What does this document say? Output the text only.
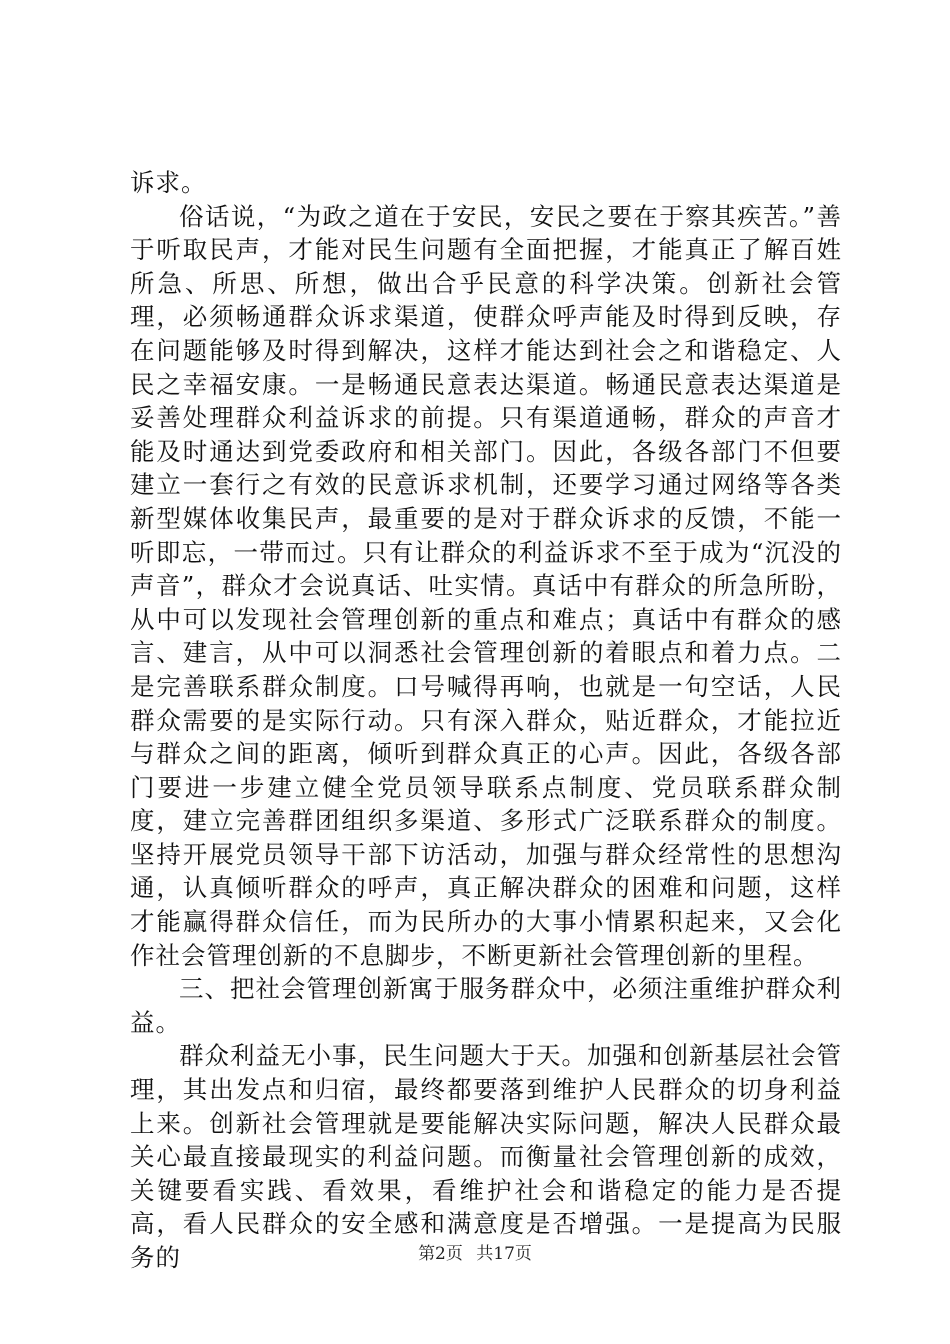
诉求。

俗话说，“为政之道在于安民，安民之要在于察其疾苦。”善于听取民声，才能对民生问题有全面把握，才能真正了解百姓所急、所思、所想，做出合乎民意的科学决策。创新社会管理，必须畅通群众诉求渠道，使群众呼声能及时得到反映，存在问题能够及时得到解决，这样才能达到社会之和谐稳定、人民之幸福安康。一是畅通民意表达渠道。畅通民意表达渠道是妥善处理群众利益诉求的前提。只有渠道通畅，群众的声音才能及时通达到党委政府和相关部门。因此，各级各部门不但要建立一套行之有效的民意诉求机制，还要学习通过网络等各类新型媒体收集民声，最重要的是对于群众诉求的反馈，不能一听即忘，一带而过。只有让群众的利益诉求不至于成为“沉没的声音”，群众才会说真话、吐实情。真话中有群众的所急所盼，从中可以发现社会管理创新的重点和难点；真话中有群众的感言、建言，从中可以洞悉社会管理创新的着眼点和着力点。二是完善联系群众制度。口号喊得再响，也就是一句空话，人民群众需要的是实际行动。只有深入群众，贴近群众，才能拉近与群众之间的距离，倾听到群众真正的心声。因此，各级各部门要进一步建立健全党员领导联系点制度、党员联系群众制度，建立完善群团组织多渠道、多形式广泛联系群众的制度。坚持开展党员领导干部下访活动，加强与群众经常性的思想沟通，认真倾听群众的呼声，真正解决群众的困难和问题，这样才能赢得群众信任，而为民所办的大事小情累积起来，又会化作社会管理创新的不息脚步，不断更新社会管理创新的里程。

三、把社会管理创新寓于服务群众中，必须注重维护群众利益。

群众利益无小事，民生问题大于天。加强和创新基层社会管理，其出发点和归宿，最终都要落到维护人民群众的切身利益上来。创新社会管理就是要能解决实际问题，解决人民群众最关心最直接最现实的利益问题。而衡量社会管理创新的成效，关键要看实践、看效果，看维护社会和谐稳定的能力是否提高，看人民群众的安全感和满意度是否增强。一是提高为民服务的	第2页 共17页
